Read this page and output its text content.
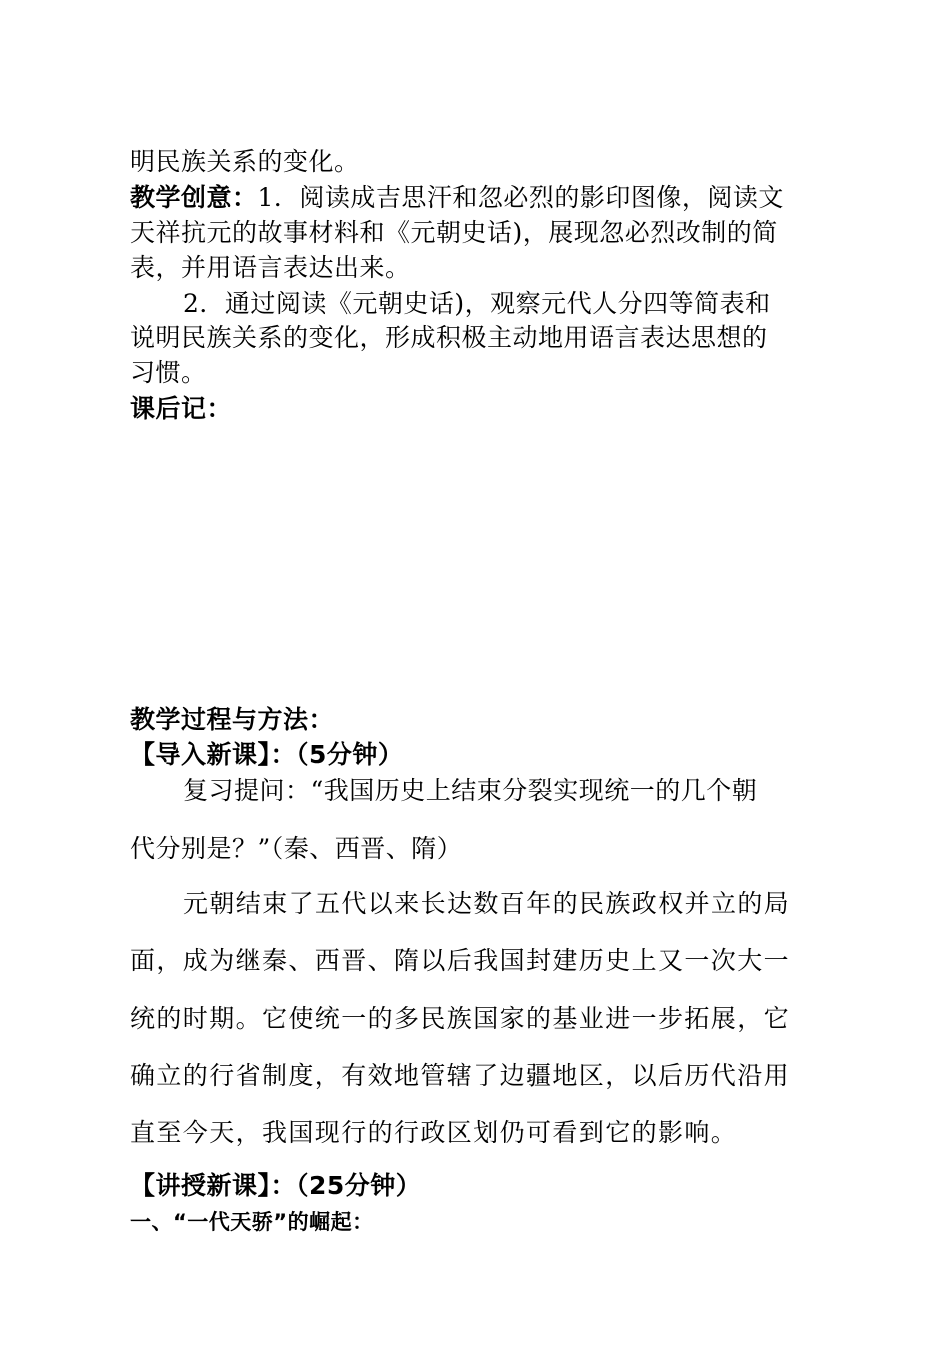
明民族关系的变化。
教学创意：1．阅读成吉思汗和忽必烈的影印图像，阅读文
天祥抗元的故事材料和《元朝史话)，展现忽必烈改制的简
表，并用语言表达出来。
2．通过阅读《元朝史话)，观察元代人分四等简表和
说明民族关系的变化，形成积极主动地用语言表达思想的
习惯。
课后记：
教学过程与方法：
【导入新课】：（5分钟）
复习提问：“我国历史上结束分裂实现统一的几个朝
代分别是？”（秦、西晋、隋）
元朝结束了五代以来长达数百年的民族政权并立的局
面，成为继秦、西晋、隋以后我国封建历史上又一次大一
统的时期。它使统一的多民族国家的基业进一步拓展，它
确立的行省制度，有效地管辖了边疆地区，以后历代沿用
直至今天，我国现行的行政区划仍可看到它的影响。
【讲授新课】：（25分钟）
一、“一代天骄”的崛起：
